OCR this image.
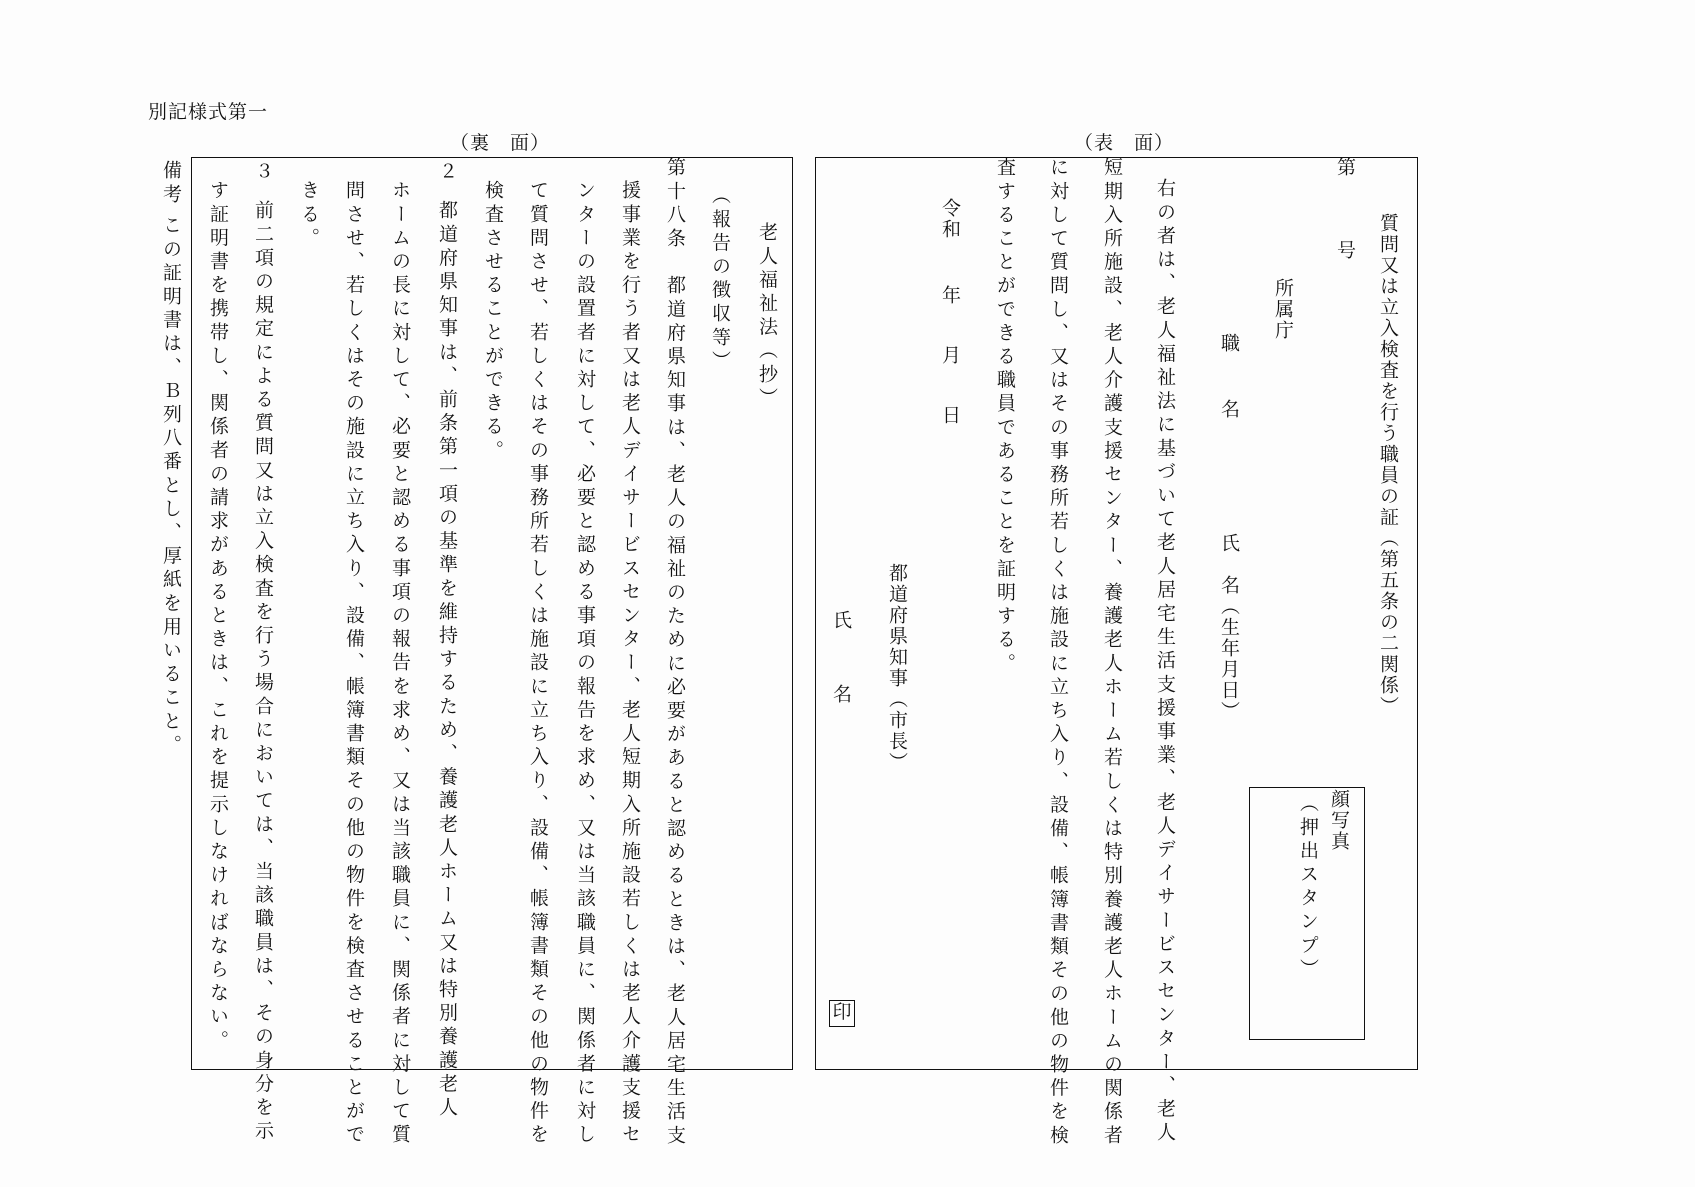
別記様式第一
（裏　面）
備考
この証明書は、Ｂ列八番とし、厚紙を用いること。	老人福祉法（抄）
（報告の徴収等）
第十八条　都道府県知事は、老人の福祉のために必要があると認めるときは、老人居宅生活支
援事業を行う者又は老人デイサービスセンター、老人短期入所施設若しくは老人介護支援セ
ンターの設置者に対して、必要と認める事項の報告を求め、又は当該職員に、関係者に対し
て質問させ、若しくはその事務所若しくは施設に立ち入り、設備、帳簿書類その他の物件を
検査させることができる。
２
都道府県知事は、前条第一項の基準を維持するため、養護老人ホーム又は特別養護老人
ホームの長に対して、必要と認める事項の報告を求め、又は当該職員に、関係者に対して質
問させ、若しくはその施設に立ち入り、設備、帳簿書類その他の物件を検査させることがで
きる。
３
前二項の規定による質問又は立入検査を行う場合においては、当該職員は、その身分を示
す証明書を携帯し、関係者の請求があるときは、これを提示しなければならない。
（表　面）
質問又は立入検査を行う職員の証（第五条の二関係）
第
号
所属庁
職　名
氏　名（生年月日）
顔写真
（押出スタンプ）
右の者は、老人福祉法に基づいて老人居宅生活支援事業、老人デイサービスセンター、老人
短期入所施設、老人介護支援センター、養護老人ホーム若しくは特別養護老人ホームの関係者
に対して質問し、又はその事務所若しくは施設に立ち入り、設備、帳簿書類その他の物件を検
査することができる職員であることを証明する。
令和
年
月
日
都道府県知事（市長）
氏　名
印
